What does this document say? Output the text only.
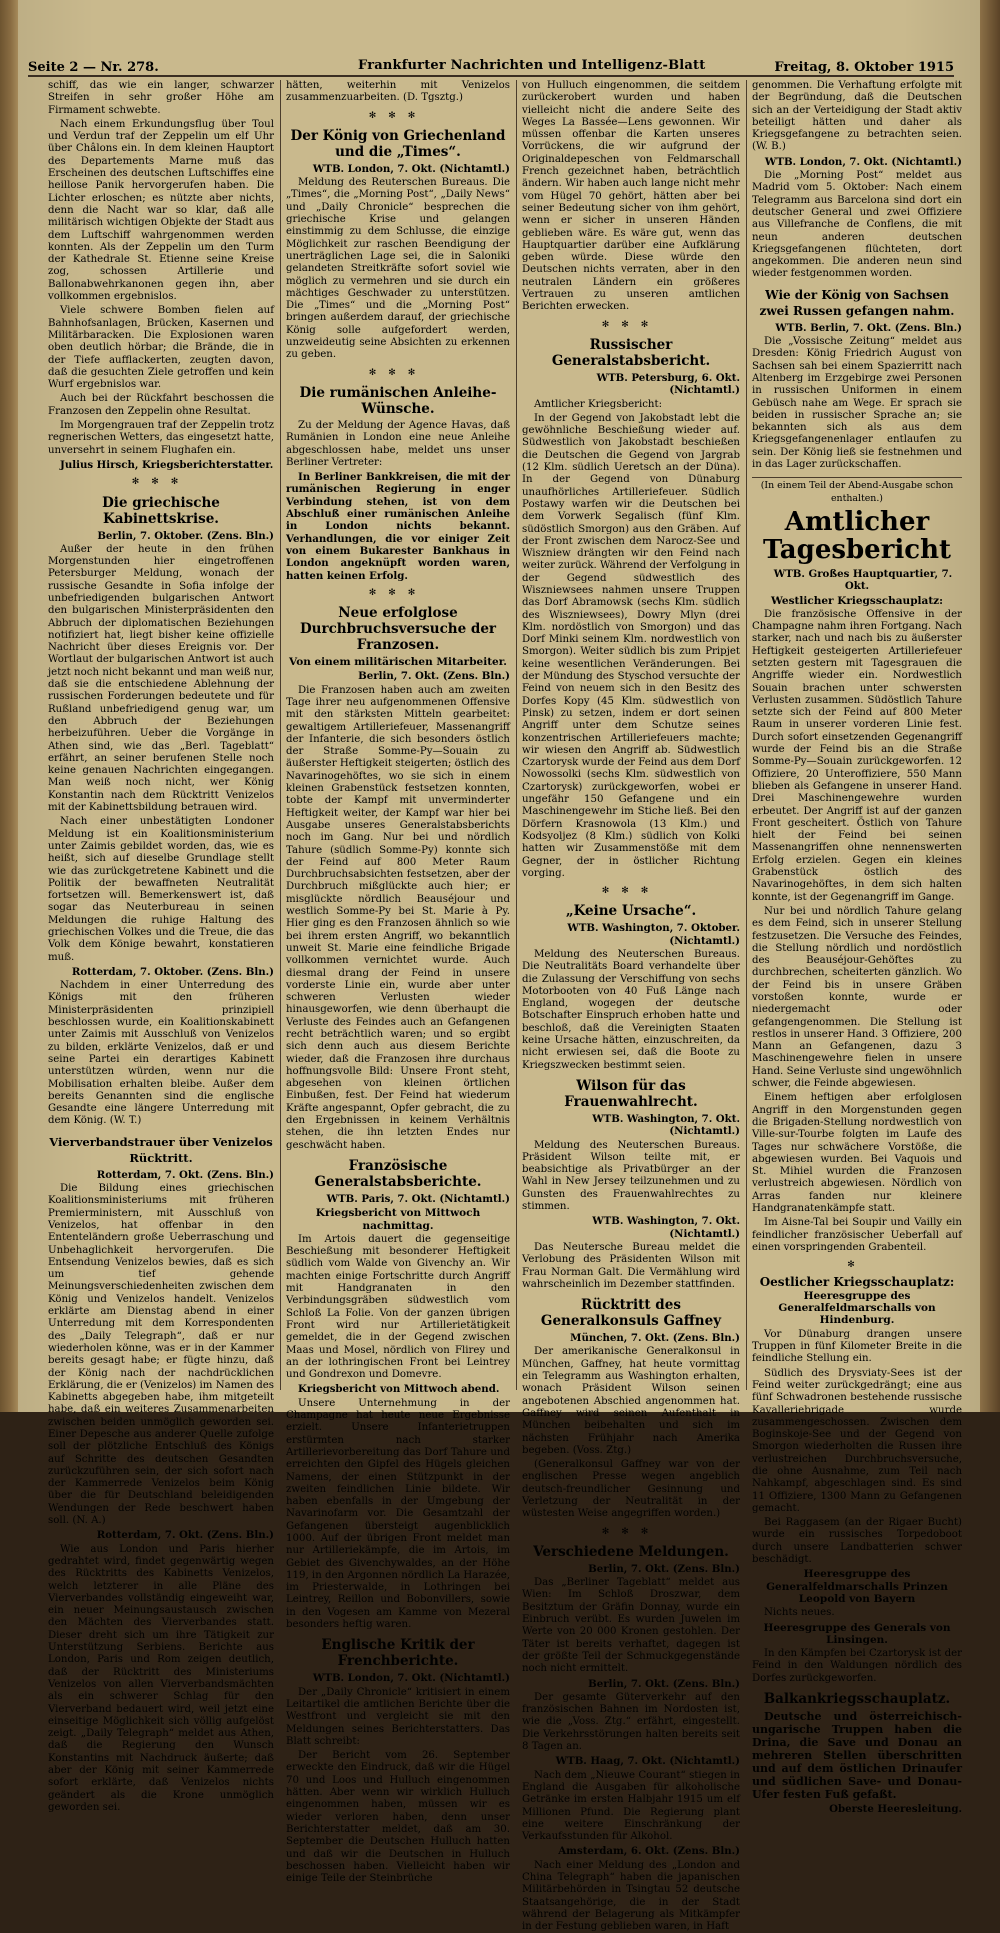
Seite 2 — Nr. 278.	Frankfurter Nachrichten und Intelligenz-Blatt	Freitag, 8. Oktober 1915

schiff, das wie ein langer, schwarzer Streifen in sehr großer Höhe am Firmament schwebte.

Nach einem Erkundungsflug über Toul und Verdun traf der Zeppelin um elf Uhr über Châlons ein. In dem kleinen Hauptort des Departements Marne muß das Erscheinen des deutschen Luftschiffes eine heillose Panik hervorgerufen haben. Die Lichter erloschen; es nützte aber nichts, denn die Nacht war so klar, daß alle militärisch wichtigen Objekte der Stadt aus dem Luftschiff wahrgenommen werden konnten. Als der Zeppelin um den Turm der Kathedrale St. Etienne seine Kreise zog, schossen Artillerie und Ballonabwehrkanonen gegen ihn, aber vollkommen ergebnislos.

Viele schwere Bomben fielen auf Bahnhofsanlagen, Brücken, Kasernen und Militärbaracken. Die Explosionen waren oben deutlich hörbar; die Brände, die in der Tiefe aufflackerten, zeugten davon, daß die gesuchten Ziele getroffen und kein Wurf ergebnislos war.

Auch bei der Rückfahrt beschossen die Franzosen den Zeppelin ohne Resultat.

Im Morgengrauen traf der Zeppelin trotz regnerischen Wetters, das eingesetzt hatte, unversehrt in seinem Flughafen ein.

Julius Hirsch, Kriegsberichterstatter.

✻✻✻
Die griechische Kabinettskrise.

Berlin, 7. Oktober. (Zens. Bln.)

Außer der heute in den frühen Morgenstunden hier eingetroffenen Petersburger Meldung, wonach der russische Gesandte in Sofia infolge der unbefriedigenden bulgarischen Antwort den bulgarischen Ministerpräsidenten den Abbruch der diplomatischen Beziehungen notifiziert hat, liegt bisher keine offizielle Nachricht über dieses Ereignis vor. Der Wortlaut der bulgarischen Antwort ist auch jetzt noch nicht bekannt und man weiß nur, daß sie die entschiedene Ablehnung der russischen Forderungen bedeutete und für Rußland unbefriedigend genug war, um den Abbruch der Beziehungen herbeizuführen. Ueber die Vorgänge in Athen sind, wie das „Berl. Tageblatt“ erfährt, an seiner berufenen Stelle noch keine genauen Nachrichten eingegangen. Man weiß noch nicht, wer König Konstantin nach dem Rücktritt Venizelos mit der Kabinettsbildung betrauen wird.

Nach einer unbestätigten Londoner Meldung ist ein Koalitionsministerium unter Zaimis gebildet worden, das, wie es heißt, sich auf dieselbe Grundlage stellt wie das zurückgetretene Kabinett und die Politik der bewaffneten Neutralität fortsetzen will. Bemerkenswert ist, daß sogar das Neuterbureau in seinen Meldungen die ruhige Haltung des griechischen Volkes und die Treue, die das Volk dem Könige bewahrt, konstatieren muß.

Rotterdam, 7. Oktober. (Zens. Bln.)

Nachdem in einer Unterredung des Königs mit den früheren Ministerpräsidenten prinzipiell beschlossen wurde, ein Koalitionskabinett unter Zaimis mit Ausschluß von Venizelos zu bilden, erklärte Venizelos, daß er und seine Partei ein derartiges Kabinett unterstützen würden, wenn nur die Mobilisation erhalten bleibe. Außer dem bereits Genannten sind die englische Gesandte eine längere Unterredung mit dem König. (W. T.)

Vierverbandstrauer über Venizelos Rücktritt.

Rotterdam, 7. Okt. (Zens. Bln.)

Die Bildung eines griechischen Koalitionsministeriums mit früheren Premierministern, mit Ausschluß von Venizelos, hat offenbar in den Ententeländern große Ueberraschung und Unbehaglichkeit hervorgerufen. Die Entsendung Venizelos bewies, daß es sich um tief gehende Meinungsverschiedenheiten zwischen dem König und Venizelos handelt. Venizelos erklärte am Dienstag abend in einer Unterredung mit dem Korrespondenten des „Daily Telegraph“, daß er nur wiederholen könne, was er in der Kammer bereits gesagt habe; er fügte hinzu, daß der König nach der nachdrücklichen Erklärung, die er (Venizelos) im Namen des Kabinetts abgegeben habe, ihm mitgeteilt habe, daß ein weiteres Zusammenarbeiten zwischen beiden unmöglich geworden sei. Einer Depesche aus anderer Quelle zufolge soll der plötzliche Entschluß des Königs auf Schritte des deutschen Gesandten zurückzuführen sein, der sich sofort nach der Kammerrede Venizelos beim König über die für Deutschland beleidigenden Wendungen der Rede beschwert haben soll. (N. A.)

Rotterdam, 7. Okt. (Zens. Bln.)

Wie aus London und Paris hierher gedrahtet wird, findet gegenwärtig wegen des Rücktritts des Kabinetts Venizelos, welch letzterer in alle Pläne des Vierverbandes vollständig eingeweiht war, ein neuer Meinungsaustausch zwischen den Mächten des Vierverbandes statt. Dieser dreht sich um ihre Tätigkeit zur Unterstützung Serbiens. Berichte aus London, Paris und Rom zeigen deutlich, daß der Rücktritt des Ministeriums Venizelos von allen Vierverbandsmächten als ein schwerer Schlag für den Vierverband bedauert wird, weil jetzt eine einseitige Möglichkeit sich völlig aufgelöst zeigt. „Daily Telegraph“ meldet aus Athen, daß die Regierung den Wunsch Konstantins mit Nachdruck äußerte; daß aber der König mit seiner Kammerrede sofort erklärte, daß Venizelos nichts geändert als die Krone unmöglich geworden sei.

hätten, weiterhin mit Venizelos zusammenzuarbeiten. (D. Tgsztg.)

✻✻✻
Der König von Griechenland und die „Times“.

WTB. London, 7. Okt. (Nichtamtl.)

Meldung des Reuterschen Bureaus. Die „Times“, die „Morning Post“, „Daily News“ und „Daily Chronicle“ besprechen die griechische Krise und gelangen einstimmig zu dem Schlusse, die einzige Möglichkeit zur raschen Beendigung der unerträglichen Lage sei, die in Saloniki gelandeten Streitkräfte sofort soviel wie möglich zu vermehren und sie durch ein mächtiges Geschwader zu unterstützen. Die „Times“ und die „Morning Post“ bringen außerdem darauf, der griechische König solle aufgefordert werden, unzweideutig seine Absichten zu erkennen zu geben.

✻✻✻
Die rumänischen Anleihe-Wünsche.

Zu der Meldung der Agence Havas, daß Rumänien in London eine neue Anleihe abgeschlossen habe, meldet uns unser Berliner Vertreter:

In Berliner Bankkreisen, die mit der rumänischen Regierung in enger Verbindung stehen, ist von dem Abschluß einer rumänischen Anleihe in London nichts bekannt. Verhandlungen, die vor einiger Zeit von einem Bukarester Bankhaus in London angeknüpft worden waren, hatten keinen Erfolg.

✻✻✻
Neue erfolglose Durchbruchsversuche der Franzosen.
Von einem militärischen Mitarbeiter.

Berlin, 7. Okt. (Zens. Bln.)

Die Franzosen haben auch am zweiten Tage ihrer neu aufgenommenen Offensive mit den stärksten Mitteln gearbeitet: gewaltigem Artilleriefeuer, Massenangriff der Infanterie, die sich besonders östlich der Straße Somme-Py—Souain zu äußerster Heftigkeit steigerten; östlich des Navarinogehöftes, wo sie sich in einem kleinen Grabenstück festsetzen konnten, tobte der Kampf mit unverminderter Heftigkeit weiter, der Kampf war hier bei Ausgabe unseres Generalstabsberichts noch im Gang. Nur bei und nördlich Tahure (südlich Somme-Py) konnte sich der Feind auf 800 Meter Raum Durchbruchsabsichten festsetzen, aber der Durchbruch mißglückte auch hier; er misglückte nördlich Beauséjour und westlich Somme-Py bei St. Marie à Py. Hier ging es den Franzosen ähnlich so wie bei ihrem ersten Angriff, wo bekanntlich unweit St. Marie eine feindliche Brigade vollkommen vernichtet wurde. Auch diesmal drang der Feind in unsere vorderste Linie ein, wurde aber unter schweren Verlusten wieder hinausgeworfen, wie denn überhaupt die Verluste des Feindes auch an Gefangenen recht beträchtlich waren; und so ergibt sich denn auch aus diesem Berichte wieder, daß die Franzosen ihre durchaus hoffnungsvolle Bild: Unsere Front steht, abgesehen von kleinen örtlichen Einbußen, fest. Der Feind hat wiederum Kräfte angespannt, Opfer gebracht, die zu den Ergebnissen in keinem Verhältnis stehen, die ihn letzten Endes nur geschwächt haben.

Französische Generalstabsberichte.

WTB. Paris, 7. Okt. (Nichtamtl.)

Kriegsbericht von Mittwoch nachmittag.

Im Artois dauert die gegenseitige Beschießung mit besonderer Heftigkeit südlich vom Walde von Givenchy an. Wir machten einige Fortschritte durch Angriff mit Handgranaten in den Verbindungsgräben südwestlich vom Schloß La Folie. Von der ganzen übrigen Front wird nur Artillerietätigkeit gemeldet, die in der Gegend zwischen Maas und Mosel, nördlich von Flirey und an der lothringischen Front bei Leintrey und Gondrexon und Domevre.

Kriegsbericht von Mittwoch abend.

Unsere Unternehmung in der Champagne hat heute neue Ergebnisse erzielt. Unsere Infanterietruppen erstürmten nach starker Artillerievorbereitung das Dorf Tahure und erreichten den Gipfel des Hügels gleichen Namens, der einen Stützpunkt in der zweiten feindlichen Linie bildete. Wir haben ebenfalls in der Umgebung der Navarinofarm vor. Die Gesamtzahl der Gefangenen übersteigt augenblicklich 1000. Auf der übrigen Front meldet man nur Artilleriekämpfe, die im Artois, im Gebiet des Givenchywaldes, an der Höhe 119, in den Argonnen nördlich La Harazée, im Priesterwalde, in Lothringen bei Leintrey, Reillon und Bobonvillers, sowie in den Vogesen am Kamme von Mezeral besonders heftig waren.

Englische Kritik der Frenchberichte.

WTB. London, 7. Okt. (Nichtamtl.)

Der „Daily Chronicle“ kritisiert in einem Leitartikel die amtlichen Berichte über die Westfront und vergleicht sie mit den Meldungen seines Berichterstatters. Das Blatt schreibt:

Der Bericht vom 26. September erweckte den Eindruck, daß wir die Hügel 70 und Loos und Hulluch eingenommen hätten. Aber wenn wir wirklich Hulluch eingenommen haben, müssen wir es wieder verloren haben, denn unser Berichterstatter meldet, daß am 30. September die Deutschen Hulluch hatten und daß wir die Deutschen in Hulluch beschossen haben. Vielleicht haben wir einige Teile der Steinbrüche

von Hulluch eingenommen, die seitdem zurückerobert wurden und haben vielleicht nicht die andere Seite des Weges La Bassée—Lens gewonnen. Wir müssen offenbar die Karten unseres Vorrückens, die wir aufgrund der Originaldepeschen von Feldmarschall French gezeichnet haben, beträchtlich ändern. Wir haben auch lange nicht mehr vom Hügel 70 gehört, hätten aber bei seiner Bedeutung sicher von ihm gehört, wenn er sicher in unseren Händen geblieben wäre. Es wäre gut, wenn das Hauptquartier darüber eine Aufklärung geben würde. Diese würde den Deutschen nichts verraten, aber in den neutralen Ländern ein größeres Vertrauen zu unseren amtlichen Berichten erwecken.

✻✻✻
Russischer Generalstabsbericht.

WTB. Petersburg, 6. Okt. (Nichtamtl.)

Amtlicher Kriegsbericht:

In der Gegend von Jakobstadt lebt die gewöhnliche Beschießung wieder auf. Südwestlich von Jakobstadt beschießen die Deutschen die Gegend von Jargrab (12 Klm. südlich Ueretsch an der Düna). In der Gegend von Dünaburg unaufhörliches Artilleriefeuer. Südlich Postawy warfen wir die Deutschen bei dem Vorwerk Segalisch (fünf Klm. südöstlich Smorgon) aus den Gräben. Auf der Front zwischen dem Narocz-See und Wiszniew drängten wir den Feind nach weiter zurück. Während der Verfolgung in der Gegend südwestlich des Wiszniewsees nahmen unsere Truppen das Dorf Abramowsk (sechs Klm. südlich des Wiszniewsees), Dowry Mlyn (drei Klm. nordöstlich von Smorgon) und das Dorf Minki seinem Klm. nordwestlich von Smorgon). Weiter südlich bis zum Pripjet keine wesentlichen Veränderungen. Bei der Mündung des Styschod versuchte der Feind von neuem sich in den Besitz des Dorfes Kopy (45 Klm. südwestlich von Pinsk) zu setzen, indem er dort seinen Angriff unter dem Schutze seines konzentrischen Artilleriefeuers machte; wir wiesen den Angriff ab. Südwestlich Czartorysk wurde der Feind aus dem Dorf Nowossolki (sechs Klm. südwestlich von Czartorysk) zurückgeworfen, wobei er ungefähr 150 Gefangene und ein Maschinengewehr im Stiche ließ. Bei den Dörfern Krasnowola (13 Klm.) und Kodsyoljez (8 Klm.) südlich von Kolki hatten wir Zusammenstöße mit dem Gegner, der in östlicher Richtung vorging.

✻✻✻
„Keine Ursache“.

WTB. Washington, 7. Oktober. (Nichtamtl.)

Meldung des Neuterschen Bureaus. Die Neutralitäts Board verhandelte über die Zulassung der Verschiffung von sechs Motorbooten von 40 Fuß Länge nach England, wogegen der deutsche Botschafter Einspruch erhoben hatte und beschloß, daß die Vereinigten Staaten keine Ursache hätten, einzuschreiten, da nicht erwiesen sei, daß die Boote zu Kriegszwecken bestimmt seien.

Wilson für das Frauenwahlrecht.

WTB. Washington, 7. Okt. (Nichtamtl.)

Meldung des Neuterschen Bureaus. Präsident Wilson teilte mit, er beabsichtige als Privatbürger an der Wahl in New Jersey teilzunehmen und zu Gunsten des Frauenwahlrechtes zu stimmen.

WTB. Washington, 7. Okt. (Nichtamtl.)

Das Neutersche Bureau meldet die Verlobung des Präsidenten Wilson mit Frau Norman Galt. Die Vermählung wird wahrscheinlich im Dezember stattfinden.

Rücktritt des Generalkonsuls Gaffney

München, 7. Okt. (Zens. Bln.)

Der amerikanische Generalkonsul in München, Gaffney, hat heute vormittag ein Telegramm aus Washington erhalten, wonach Präsident Wilson seinen angebotenen Abschied angenommen hat. Gaffney wird seinen Aufenthalt in München beibehalten und sich im nächsten Frühjahr nach Amerika begeben. (Voss. Ztg.)

(Generalkonsul Gaffney war von der englischen Presse wegen angeblich deutsch-freundlicher Gesinnung und Verletzung der Neutralität in der wüstesten Weise angegriffen worden.)

✻✻✻
Verschiedene Meldungen.

Berlin, 7. Okt. (Zens. Bln.)

Das „Berliner Tageblatt“ meldet aus Wien: Im Schloß Droszwar, dem Besitztum der Gräfin Donnay, wurde ein Einbruch verübt. Es wurden Juwelen im Werte von 20 000 Kronen gestohlen. Der Täter ist bereits verhaftet, dagegen ist der größte Teil der Schmuckgegenstände noch nicht ermittelt.

Berlin, 7. Okt. (Zens. Bln.)

Der gesamte Güterverkehr auf den französischen Bahnen im Nordosten ist, wie die „Voss. Ztg.“ erfährt, eingestellt. Die Verkehrsstörungen halten bereits seit 8 Tagen an.

WTB. Haag, 7. Okt. (Nichtamtl.)

Nach dem „Nieuwe Courant“ stiegen in England die Ausgaben für alkoholische Getränke im ersten Halbjahr 1915 um elf Millionen Pfund. Die Regierung plant eine weitere Einschränkung der Verkaufsstunden für Alkohol.

Amsterdam, 6. Okt. (Zens. Bln.)

Nach einer Meldung des „London and China Telegraph“ haben die japanischen Militärbehörden in Tsingtau 52 deutsche Staatsangehörige, die in der Stadt während der Belagerung als Mitkämpfer in der Festung geblieben waren, in Haft

genommen. Die Verhaftung erfolgte mit der Begründung, daß die Deutschen sich an der Verteidigung der Stadt aktiv beteiligt hätten und daher als Kriegsgefangene zu betrachten seien. (W. B.)

WTB. London, 7. Okt. (Nichtamtl.)

Die „Morning Post“ meldet aus Madrid vom 5. Oktober: Nach einem Telegramm aus Barcelona sind dort ein deutscher General und zwei Offiziere aus Villefranche de Conflens, die mit neun anderen deutschen Kriegsgefangenen flüchteten, dort angekommen. Die anderen neun sind wieder festgenommen worden.

Wie der König von Sachsen zwei Russen gefangen nahm.

WTB. Berlin, 7. Okt. (Zens. Bln.)

Die „Vossische Zeitung“ meldet aus Dresden: König Friedrich August von Sachsen sah bei einem Spazierritt nach Altenberg im Erzgebirge zwei Personen in russischen Uniformen in einem Gebüsch nahe am Wege. Er sprach sie beiden in russischer Sprache an; sie bekannten sich als aus dem Kriegsgefangenenlager entlaufen zu sein. Der König ließ sie festnehmen und in das Lager zurückschaffen.

(In einem Teil der Abend-Ausgabe schon enthalten.)
Amtlicher Tagesbericht

WTB. Großes Hauptquartier, 7. Okt.

Westlicher Kriegsschauplatz:

Die französische Offensive in der Champagne nahm ihren Fortgang. Nach starker, nach und nach bis zu äußerster Heftigkeit gesteigerten Artilleriefeuer setzten gestern mit Tagesgrauen die Angriffe wieder ein. Nordwestlich Souain brachen unter schwersten Verlusten zusammen. Südöstlich Tahure setzte sich der Feind auf 800 Meter Raum in unserer vorderen Linie fest. Durch sofort einsetzenden Gegenangriff wurde der Feind bis an die Straße Somme-Py—Souain zurückgeworfen. 12 Offiziere, 20 Unteroffiziere, 550 Mann blieben als Gefangene in unserer Hand. Drei Maschinengewehre wurden erbeutet. Der Angriff ist auf der ganzen Front gescheitert. Östlich von Tahure hielt der Feind bei seinen Massenangriffen ohne nennenswerten Erfolg erzielen. Gegen ein kleines Grabenstück östlich des Navarinogehöftes, in dem sich halten konnte, ist der Gegenangriff im Gange.

Nur bei und nördlich Tahure gelang es dem Feind, sich in unserer Stellung festzusetzen. Die Versuche des Feindes, die Stellung nördlich und nordöstlich des Beauséjour-Gehöftes zu durchbrechen, scheiterten gänzlich. Wo der Feind bis in unsere Gräben vorstoßen konnte, wurde er niedergemacht oder gefangengenommen. Die Stellung ist restlos in unserer Hand. 3 Offiziere, 200 Mann an Gefangenen, dazu 3 Maschinengewehre fielen in unsere Hand. Seine Verluste sind ungewöhnlich schwer, die Feinde abgewiesen.

Einem heftigen aber erfolglosen Angriff in den Morgenstunden gegen die Brigaden-Stellung nordwestlich von Ville-sur-Tourbe folgten im Laufe des Tages nur schwächere Vorstöße, die abgewiesen wurden. Bei Vaquois und St. Mihiel wurden die Franzosen verlustreich abgewiesen. Nördlich von Arras fanden nur kleinere Handgranatenkämpfe statt.

Im Aisne-Tal bei Soupir und Vailly ein feindlicher französischer Ueberfall auf einen vorspringenden Grabenteil.

✻
Oestlicher Kriegsschauplatz:
Heeresgruppe des Generalfeldmarschalls von Hindenburg.

Vor Dünaburg drangen unsere Truppen in fünf Kilometer Breite in die feindliche Stellung ein.

Südlich des Drysviaty-Sees ist der Feind weiter zurückgedrängt; eine aus fünf Schwadronen bestehende russische Kavalleriebrigade wurde zusammengeschossen. Zwischen dem Boginskoje-See und der Gegend von Smorgon wiederholten die Russen ihre verlustreichen Durchbruchsversuche, die ohne Ausnahme, zum Teil nach Nahkampf, abgeschlagen sind. Es sind 11 Offiziere, 1300 Mann zu Gefangenen gemacht.

Bei Raggasem (an der Rigaer Bucht) wurde ein russisches Torpedoboot durch unsere Landbatterien schwer beschädigt.

Heeresgruppe des Generalfeldmarschalls Prinzen Leopold von Bayern

Nichts neues.

Heeresgruppe des Generals von Linsingen.

In den Kämpfen bei Czartorysk ist der Feind in den Waldungen nördlich des Dorfes zurückgeworfen.

Balkankriegsschauplatz.

Deutsche und österreichisch-ungarische Truppen haben die Drina, die Save und Donau an mehreren Stellen überschritten und auf dem östlichen Drinaufer und südlichen Save- und Donau-Ufer festen Fuß gefaßt.

Oberste Heeresleitung.
